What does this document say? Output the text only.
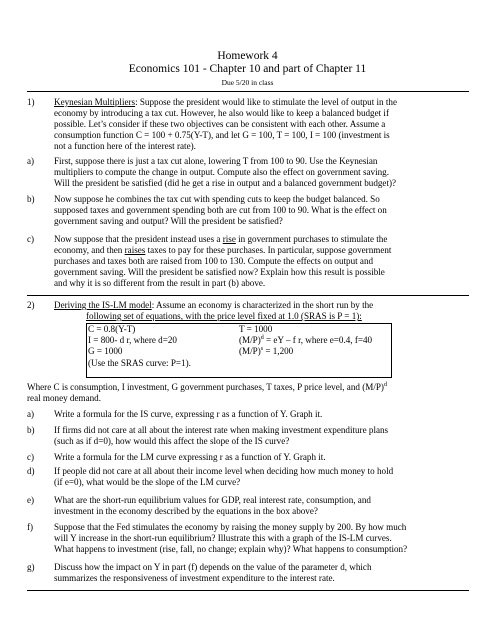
Homework 4
Economics 101 - Chapter 10 and part of Chapter 11
Due 5/20 in class
1) Keynesian Multipliers: Suppose the president would like to stimulate the level of output in the
economy by introducing a tax cut. However, he also would like to keep a balanced budget if
possible. Let’s consider if these two objectives can be consistent with each other. Assume a
consumption function C = 100 + 0.75(Y-T), and let G = 100, T = 100, I = 100 (investment is
not a function here of the interest rate).
a) First, suppose there is just a tax cut alone, lowering T from 100 to 90. Use the Keynesian
multipliers to compute the change in output. Compute also the effect on government saving.
Will the president be satisfied (did he get a rise in output and a balanced government budget)?
b) Now suppose he combines the tax cut with spending cuts to keep the budget balanced. So
supposed taxes and government spending both are cut from 100 to 90. What is the effect on
government saving and output? Will the president be satisfied?
c) Now suppose that the president instead uses a rise in government purchases to stimulate the
economy, and then raises taxes to pay for these purchases. In particular, suppose government
purchases and taxes both are raised from 100 to 130. Compute the effects on output and
government saving. Will the president be satisfied now? Explain how this result is possible
and why it is so different from the result in part (b) above.
2) Deriving the IS-LM model: Assume an economy is characterized in the short run by the
following set of equations, with the price level fixed at 1.0 (SRAS is P = 1):
C = 0.8(Y-T)	T = 1000
I = 800- d r, where d=20	$(M/P)^d$ = eY – f r, where e=0.4, f=40
G = 1000	$(M/P)^s = 1,200$
(Use the SRAS curve: P=1).
Where C is consumption, I investment, G government purchases, T taxes, P price level, and $(M/P)^d$
real money demand.
a) Write a formula for the IS curve, expressing r as a function of Y. Graph it.
b) If firms did not care at all about the interest rate when making investment expenditure plans
(such as if d=0), how would this affect the slope of the IS curve?
c) Write a formula for the LM curve expressing r as a function of Y. Graph it.
d) If people did not care at all about their income level when deciding how much money to hold
(if e=0), what would be the slope of the LM curve?
e) What are the short-run equilibrium values for GDP, real interest rate, consumption, and
investment in the economy described by the equations in the box above?
f) Suppose that the Fed stimulates the economy by raising the money supply by 200. By how much
will Y increase in the short-run equilibrium? Illustrate this with a graph of the IS-LM curves.
What happens to investment (rise, fall, no change; explain why)? What happens to consumption?
g) Discuss how the impact on Y in part (f) depends on the value of the parameter d, which
summarizes the responsiveness of investment expenditure to the interest rate.
